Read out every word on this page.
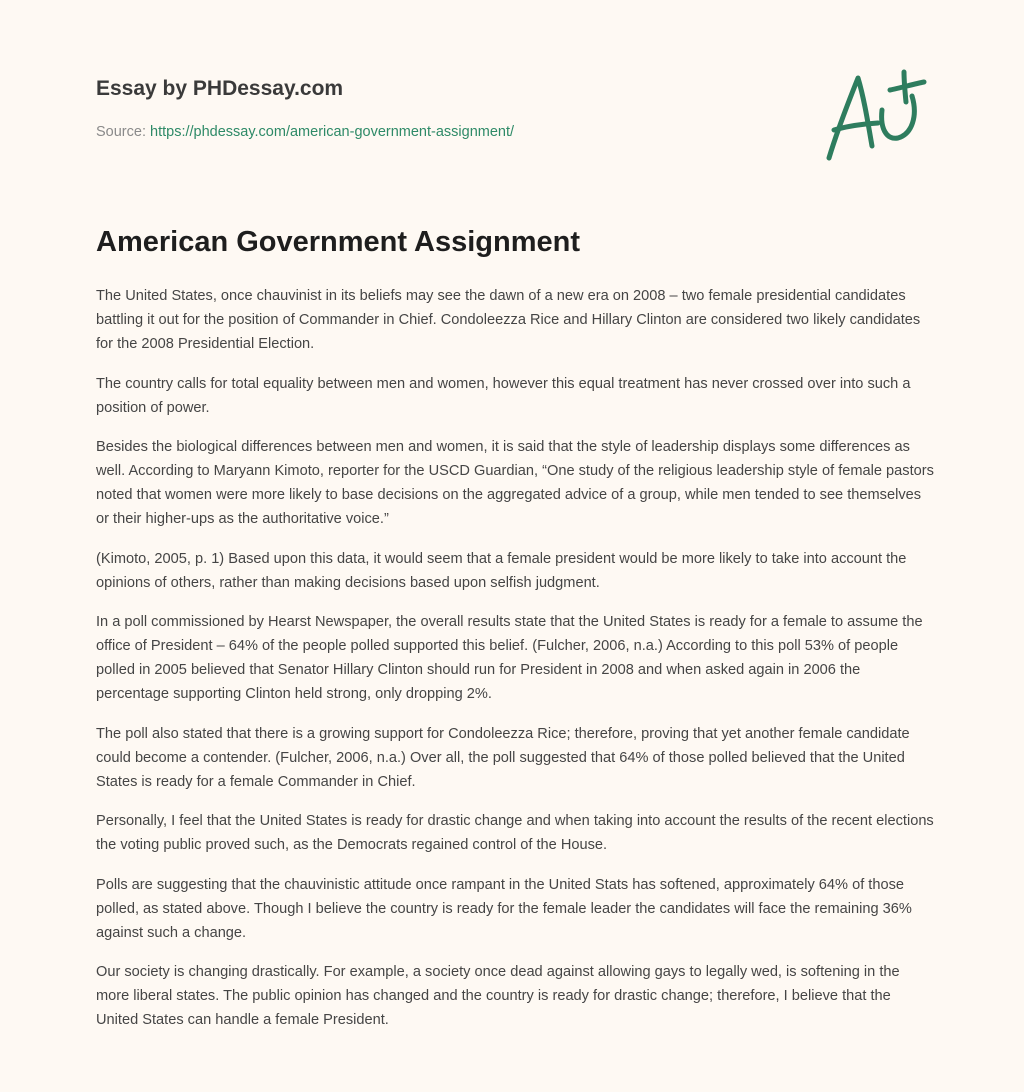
Essay by PHDessay.com
Source: https://phdessay.com/american-government-assignment/
American Government Assignment

The United States, once chauvinist in its beliefs may see the dawn of a new era on 2008 – two female presidential candidates battling it out for the position of Commander in Chief. Condoleezza Rice and Hillary Clinton are considered two likely candidates for the 2008 Presidential Election.

The country calls for total equality between men and women, however this equal treatment has never crossed over into such a position of power.

Besides the biological differences between men and women, it is said that the style of leadership displays some differences as well. According to Maryann Kimoto, reporter for the USCD Guardian, “One study of the religious leadership style of female pastors noted that women were more likely to base decisions on the aggregated advice of a group, while men tended to see themselves or their higher-ups as the authoritative voice.”

(Kimoto, 2005, p. 1) Based upon this data, it would seem that a female president would be more likely to take into account the opinions of others, rather than making decisions based upon selfish judgment.

In a poll commissioned by Hearst Newspaper, the overall results state that the United States is ready for a female to assume the office of President – 64% of the people polled supported this belief. (Fulcher, 2006, n.a.) According to this poll 53% of people polled in 2005 believed that Senator Hillary Clinton should run for President in 2008 and when asked again in 2006 the percentage supporting Clinton held strong, only dropping 2%.

The poll also stated that there is a growing support for Condoleezza Rice; therefore, proving that yet another female candidate could become a contender. (Fulcher, 2006, n.a.) Over all, the poll suggested that 64% of those polled believed that the United States is ready for a female Commander in Chief.

Personally, I feel that the United States is ready for drastic change and when taking into account the results of the recent elections the voting public proved such, as the Democrats regained control of the House.

Polls are suggesting that the chauvinistic attitude once rampant in the United Stats has softened, approximately 64% of those polled, as stated above. Though I believe the country is ready for the female leader the candidates will face the remaining 36% against such a change.

Our society is changing drastically. For example, a society once dead against allowing gays to legally wed, is softening in the more liberal states. The public opinion has changed and the country is ready for drastic change; therefore, I believe that the United States can handle a female President.
